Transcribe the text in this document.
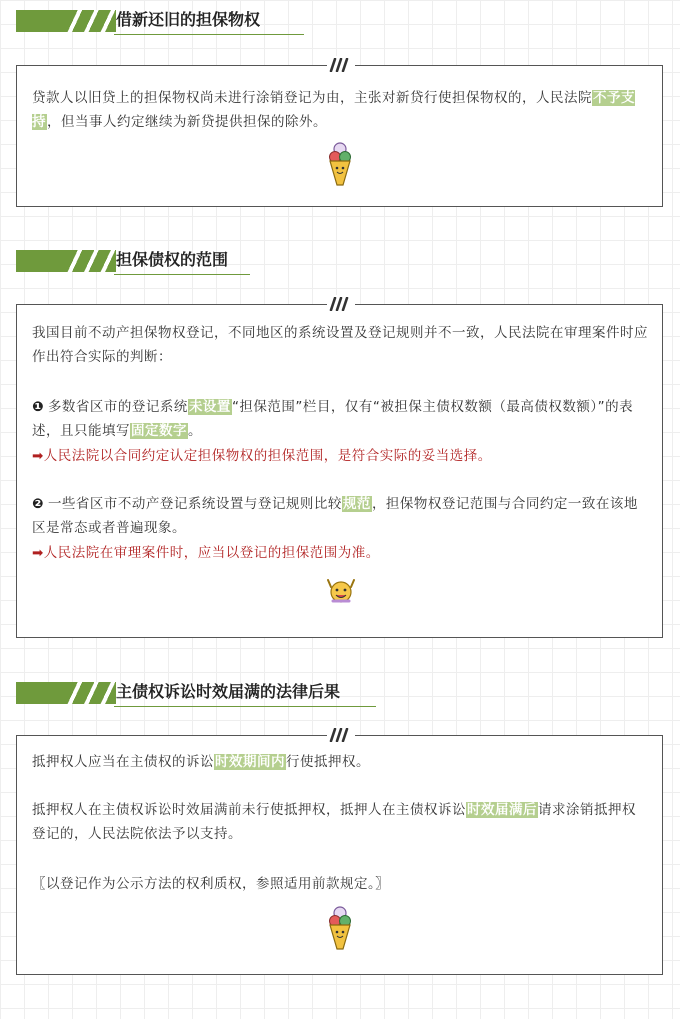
借新还旧的担保物权
贷款人以旧贷上的担保物权尚未进行涂销登记为由，主张对新贷行使担保物权的，人民法院不予支持，但当事人约定继续为新贷提供担保的除外。
担保债权的范围
我国目前不动产担保物权登记，不同地区的系统设置及登记规则并不一致，人民法院在审理案件时应作出符合实际的判断：
❶ 多数省区市的登记系统未设置“担保范围”栏目，仅有“被担保主债权数额（最高债权数额）”的表述，且只能填写固定数字。
➡人民法院以合同约定认定担保物权的担保范围，是符合实际的妥当选择。
❷ 一些省区市不动产登记系统设置与登记规则比较规范，担保物权登记范围与合同约定一致在该地区是常态或者普遍现象。
➡人民法院在审理案件时，应当以登记的担保范围为准。
主债权诉讼时效届满的法律后果
抵押权人应当在主债权的诉讼时效期间内行使抵押权。
抵押权人在主债权诉讼时效届满前未行使抵押权，抵押人在主债权诉讼时效届满后请求涂销抵押权登记的，人民法院依法予以支持。
〖以登记作为公示方法的权利质权，参照适用前款规定。〗
